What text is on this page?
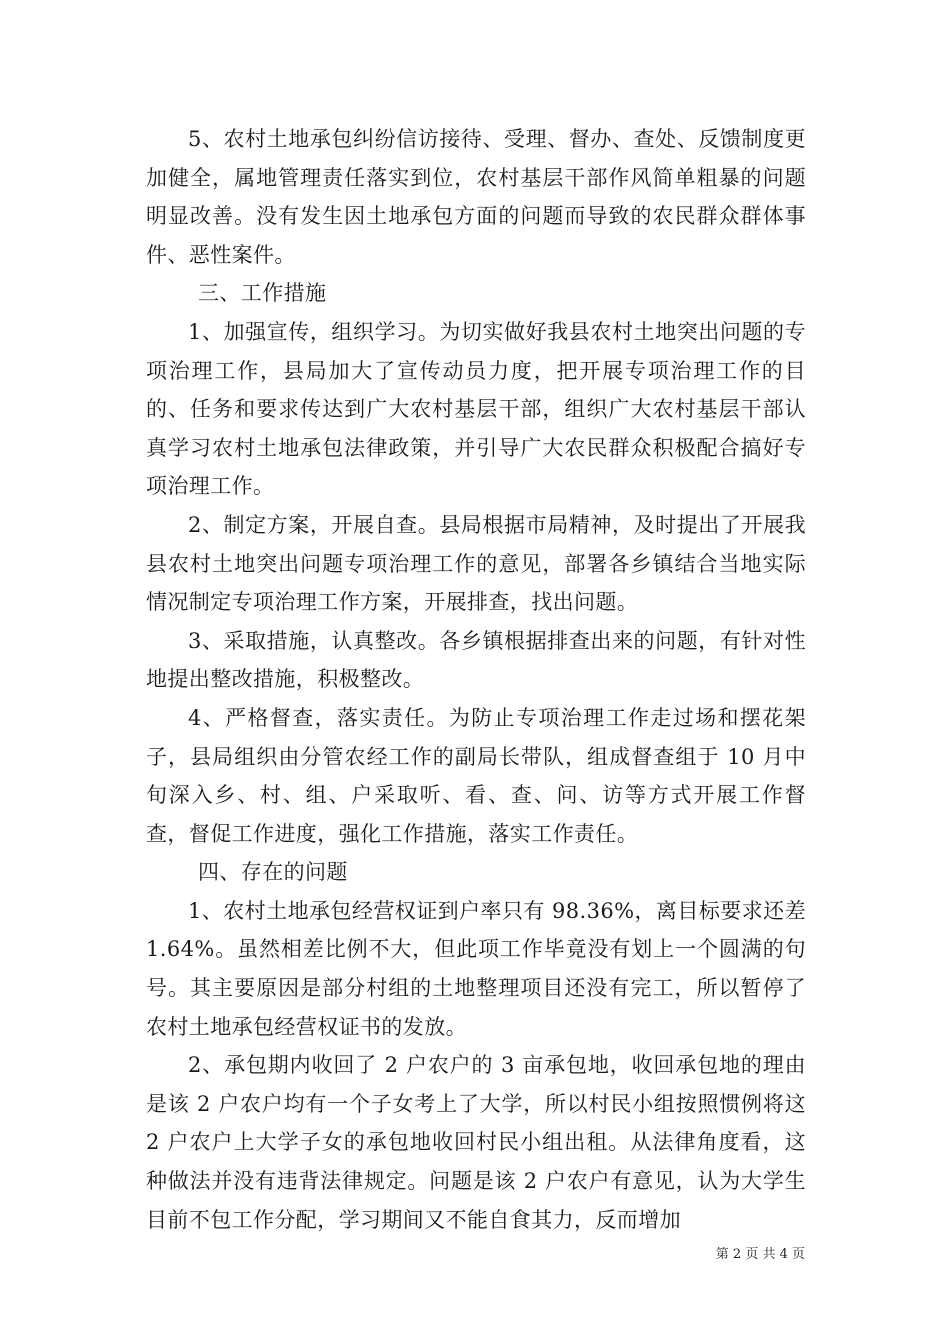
5、农村土地承包纠纷信访接待、受理、督办、查处、反馈制度更加健全，属地管理责任落实到位，农村基层干部作风简单粗暴的问题明显改善。没有发生因土地承包方面的问题而导致的农民群众群体事件、恶性案件。

三、工作措施

1、加强宣传，组织学习。为切实做好我县农村土地突出问题的专项治理工作，县局加大了宣传动员力度，把开展专项治理工作的目的、任务和要求传达到广大农村基层干部，组织广大农村基层干部认真学习农村土地承包法律政策，并引导广大农民群众积极配合搞好专项治理工作。

2、制定方案，开展自查。县局根据市局精神，及时提出了开展我县农村土地突出问题专项治理工作的意见，部署各乡镇结合当地实际情况制定专项治理工作方案，开展排查，找出问题。

3、采取措施，认真整改。各乡镇根据排查出来的问题，有针对性地提出整改措施，积极整改。

4、严格督查，落实责任。为防止专项治理工作走过场和摆花架子，县局组织由分管农经工作的副局长带队，组成督查组于 10 月中旬深入乡、村、组、户采取听、看、查、问、访等方式开展工作督查，督促工作进度，强化工作措施，落实工作责任。

四、存在的问题

1、农村土地承包经营权证到户率只有 98.36%，离目标要求还差 1.64%。虽然相差比例不大，但此项工作毕竟没有划上一个圆满的句号。其主要原因是部分村组的土地整理项目还没有完工，所以暂停了农村土地承包经营权证书的发放。

2、承包期内收回了 2 户农户的 3 亩承包地，收回承包地的理由是该 2 户农户均有一个子女考上了大学，所以村民小组按照惯例将这 2 户农户上大学子女的承包地收回村民小组出租。从法律角度看，这种做法并没有违背法律规定。问题是该 2 户农户有意见，认为大学生目前不包工作分配，学习期间又不能自食其力，反而增加

第 2 页 共 4 页
